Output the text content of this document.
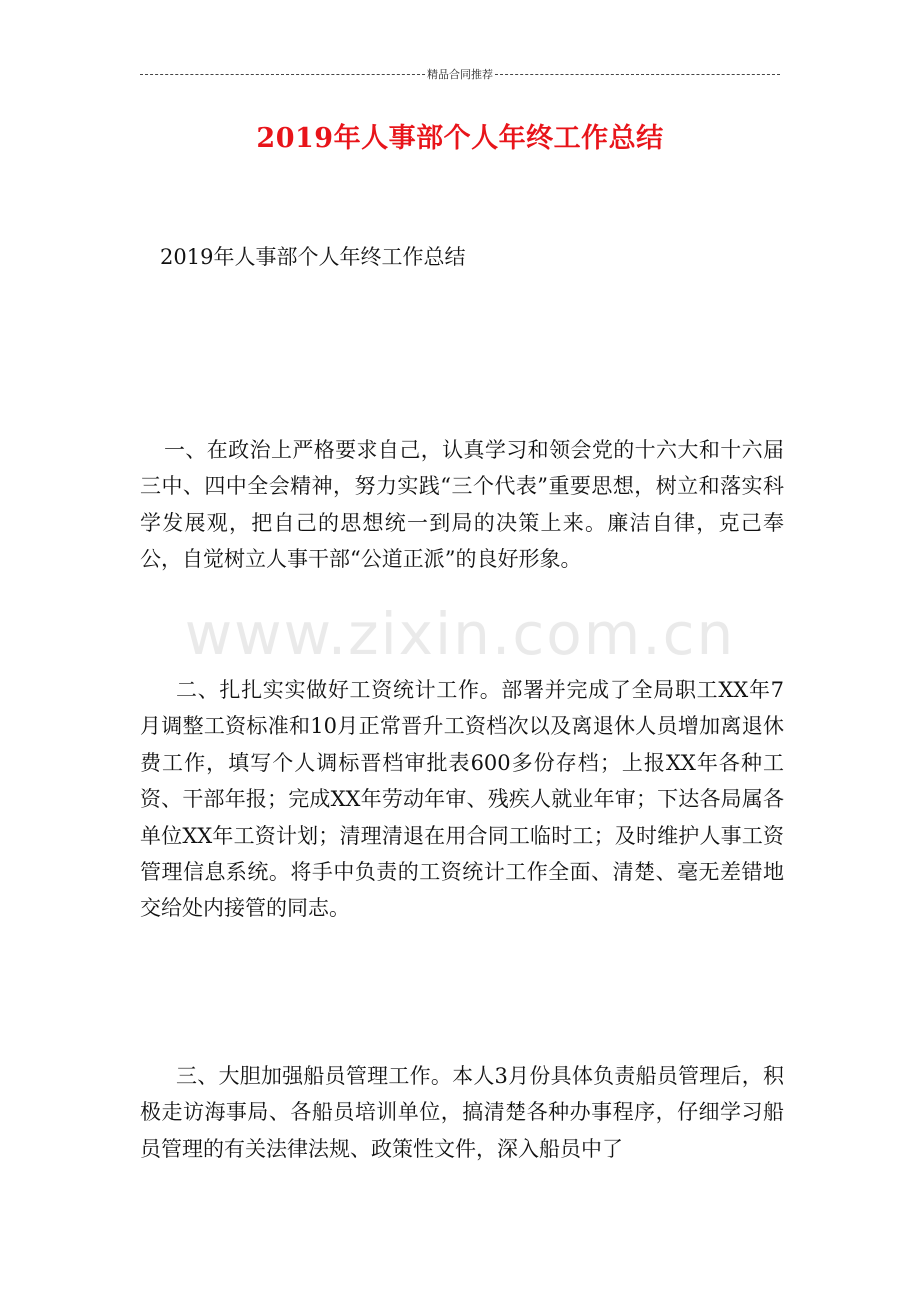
精品合同推荐
2019年人事部个人年终工作总结
2019年人事部个人年终工作总结

一、在政治上严格要求自己，认真学习和领会党的十六大和十六届三中、四中全会精神，努力实践“三个代表”重要思想，树立和落实科学发展观，把自己的思想统一到局的决策上来。廉洁自律，克己奉公，自觉树立人事干部“公道正派”的良好形象。

www.zixin.com.cn

二、扎扎实实做好工资统计工作。部署并完成了全局职工XX年7月调整工资标准和10月正常晋升工资档次以及离退休人员增加离退休费工作，填写个人调标晋档审批表600多份存档；上报XX年各种工资、干部年报；完成XX年劳动年审、残疾人就业年审；下达各局属各单位XX年工资计划；清理清退在用合同工临时工；及时维护人事工资管理信息系统。将手中负责的工资统计工作全面、清楚、毫无差错地交给处内接管的同志。

三、大胆加强船员管理工作。本人3月份具体负责船员管理后，积极走访海事局、各船员培训单位，搞清楚各种办事程序，仔细学习船员管理的有关法律法规、政策性文件，深入船员中了
